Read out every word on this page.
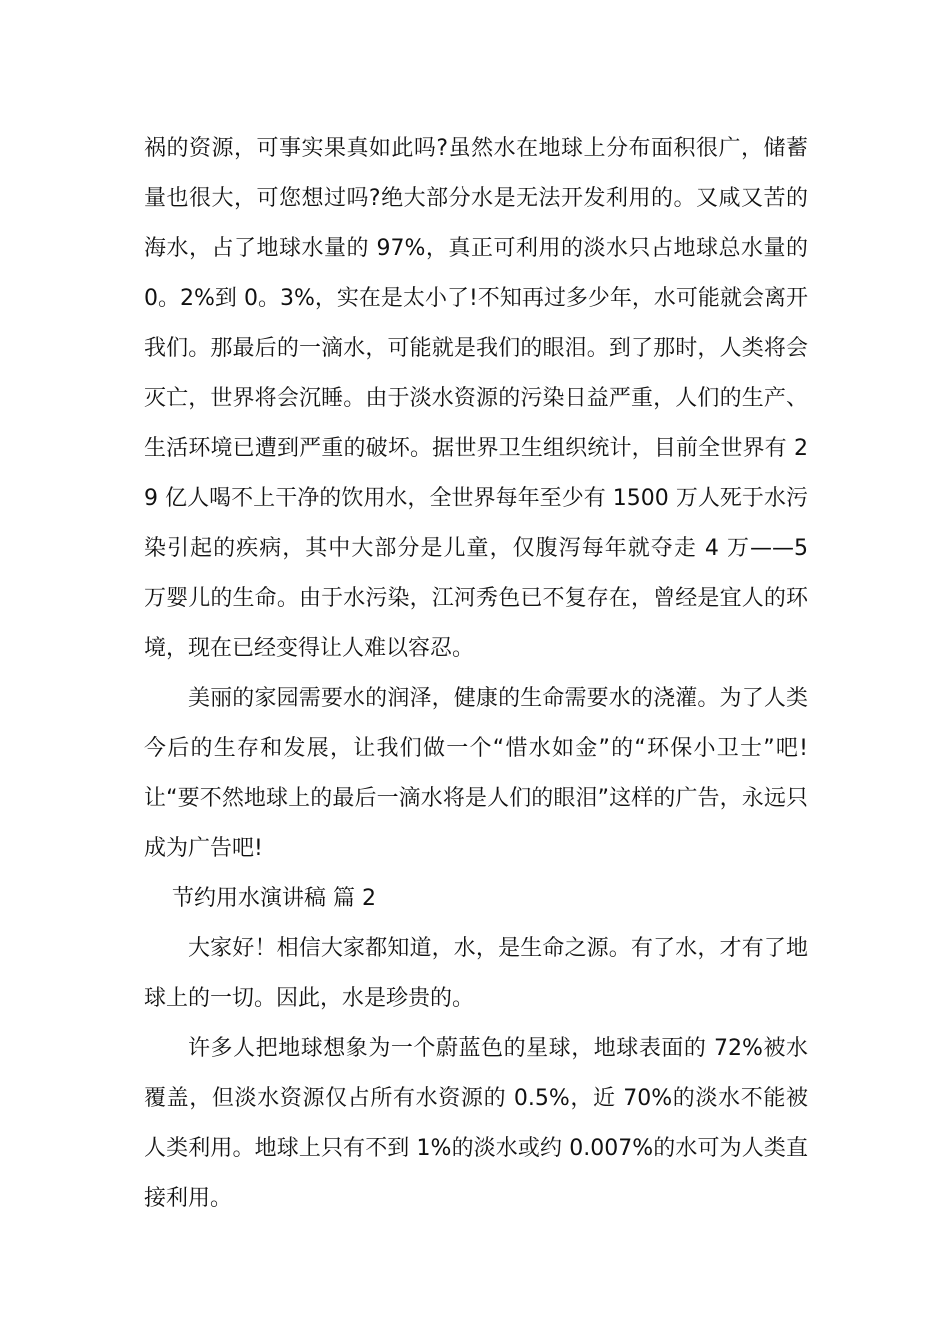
祸的资源，可事实果真如此吗?虽然水在地球上分布面积很广，储蓄量也很大，可您想过吗?绝大部分水是无法开发利用的。又咸又苦的海水，占了地球水量的 97%，真正可利用的淡水只占地球总水量的 0。2%到 0。3%，实在是太小了!不知再过多少年，水可能就会离开我们。那最后的一滴水，可能就是我们的眼泪。到了那时，人类将会灭亡，世界将会沉睡。由于淡水资源的污染日益严重，人们的生产、生活环境已遭到严重的破坏。据世界卫生组织统计，目前全世界有 29 亿人喝不上干净的饮用水，全世界每年至少有 1500 万人死于水污染引起的疾病，其中大部分是儿童，仅腹泻每年就夺走 4 万——5 万婴儿的生命。由于水污染，江河秀色已不复存在，曾经是宜人的环境，现在已经变得让人难以容忍。

美丽的家园需要水的润泽，健康的生命需要水的浇灌。为了人类今后的生存和发展，让我们做一个“惜水如金”的“环保小卫士”吧!让“要不然地球上的最后一滴水将是人们的眼泪”这样的广告，永远只成为广告吧!

节约用水演讲稿 篇 2

大家好！相信大家都知道，水，是生命之源。有了水，才有了地球上的一切。因此，水是珍贵的。

许多人把地球想象为一个蔚蓝色的星球，地球表面的 72%被水覆盖，但淡水资源仅占所有水资源的 0.5%，近 70%的淡水不能被人类利用。地球上只有不到 1%的淡水或约 0.007%的水可为人类直接利用。
